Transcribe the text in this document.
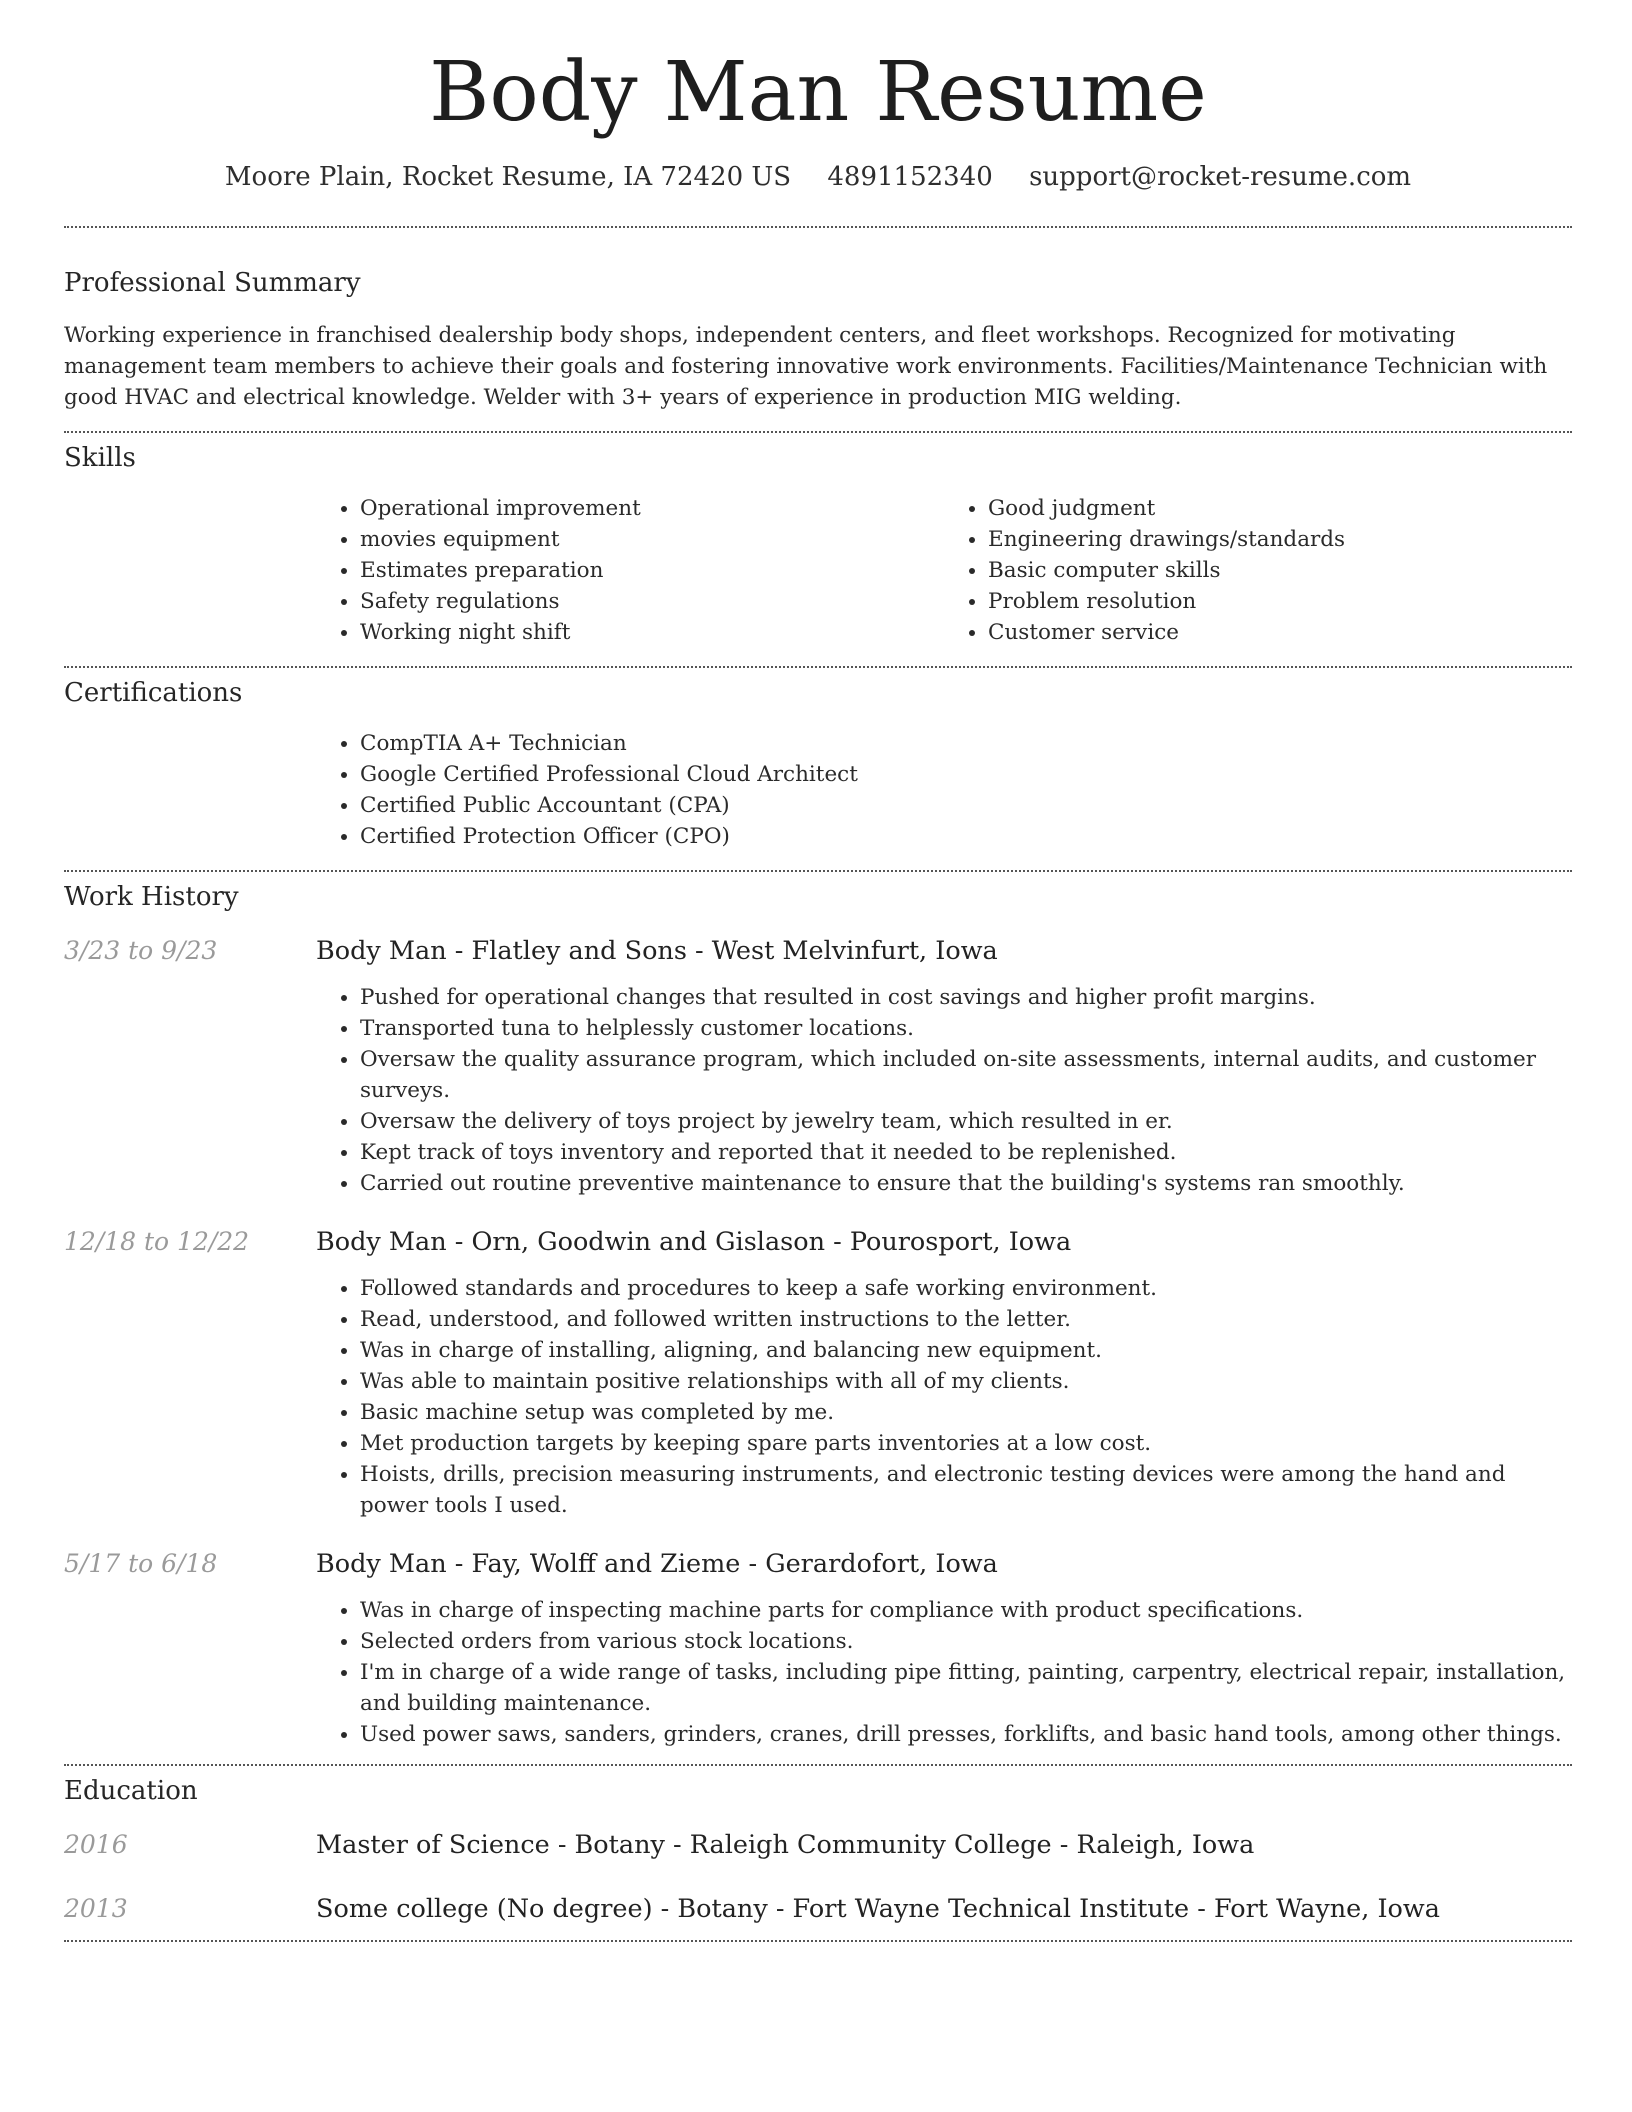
Body Man Resume
Moore Plain, Rocket Resume, IA 72420 US 4891152340 support@rocket-resume.com
Professional Summary

Working experience in franchised dealership body shops, independent centers, and fleet workshops. Recognized for motivating management team members to achieve their goals and fostering innovative work environments. Facilities/Maintenance Technician with good HVAC and electrical knowledge. Welder with 3+ years of experience in production MIG welding.

Skills
• Operational improvement
• movies equipment
• Estimates preparation
• Safety regulations
• Working night shift
• Good judgment
• Engineering drawings/standards
• Basic computer skills
• Problem resolution
• Customer service
Certifications
• CompTIA A+ Technician
• Google Certified Professional Cloud Architect
• Certified Public Accountant (CPA)
• Certified Protection Officer (CPO)
Work History
3/23 to 9/23	Body Man - Flatley and Sons - West Melvinfurt, Iowa
• Pushed for operational changes that resulted in cost savings and higher profit margins.
• Transported tuna to helplessly customer locations.
• Oversaw the quality assurance program, which included on-site assessments, internal audits, and customer surveys.
• Oversaw the delivery of toys project by jewelry team, which resulted in er.
• Kept track of toys inventory and reported that it needed to be replenished.
• Carried out routine preventive maintenance to ensure that the building's systems ran smoothly.
12/18 to 12/22	Body Man - Orn, Goodwin and Gislason - Pourosport, Iowa
• Followed standards and procedures to keep a safe working environment.
• Read, understood, and followed written instructions to the letter.
• Was in charge of installing, aligning, and balancing new equipment.
• Was able to maintain positive relationships with all of my clients.
• Basic machine setup was completed by me.
• Met production targets by keeping spare parts inventories at a low cost.
• Hoists, drills, precision measuring instruments, and electronic testing devices were among the hand and power tools I used.
5/17 to 6/18	Body Man - Fay, Wolff and Zieme - Gerardofort, Iowa
• Was in charge of inspecting machine parts for compliance with product specifications.
• Selected orders from various stock locations.
• I'm in charge of a wide range of tasks, including pipe fitting, painting, carpentry, electrical repair, installation, and building maintenance.
• Used power saws, sanders, grinders, cranes, drill presses, forklifts, and basic hand tools, among other things.
Education
2016	Master of Science - Botany - Raleigh Community College - Raleigh, Iowa
2013	Some college (No degree) - Botany - Fort Wayne Technical Institute - Fort Wayne, Iowa
